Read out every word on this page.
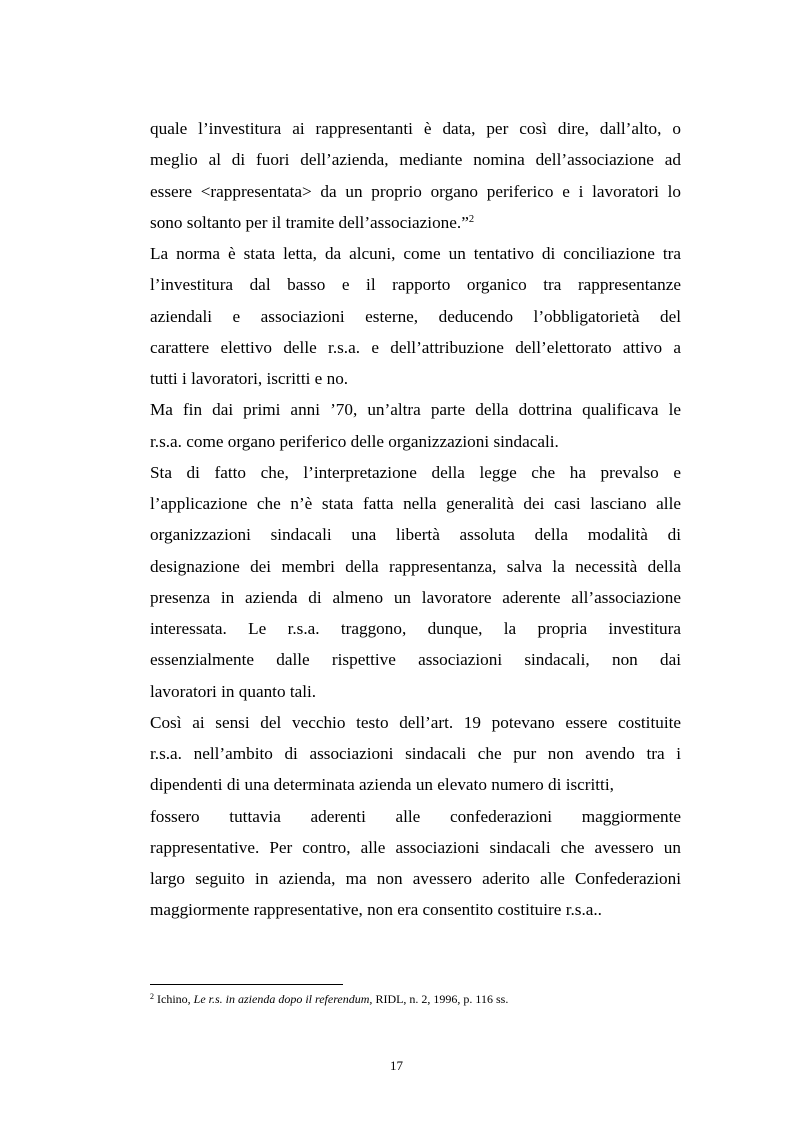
quale l’investitura ai rappresentanti è data, per così dire, dall’alto, o
meglio al di fuori dell’azienda, mediante nomina dell’associazione ad
essere <rappresentata> da un proprio organo periferico e i lavoratori lo
sono soltanto per il tramite dell’associazione.”$^2$

La norma è stata letta, da alcuni, come un tentativo di conciliazione tra
l’investitura dal basso e il rapporto organico tra rappresentanze
aziendali e associazioni esterne, deducendo l’obbligatorietà del
carattere elettivo delle r.s.a. e dell’attribuzione dell’elettorato attivo a
tutti i lavoratori, iscritti e no.

Ma fin dai primi anni ’70, un’altra parte della dottrina qualificava le
r.s.a. come organo periferico delle organizzazioni sindacali.

Sta di fatto che, l’interpretazione della legge che ha prevalso e
l’applicazione che n’è stata fatta nella generalità dei casi lasciano alle
organizzazioni sindacali una libertà assoluta della modalità di
designazione dei membri della rappresentanza, salva la necessità della
presenza in azienda di almeno un lavoratore aderente all’associazione
interessata. Le r.s.a. traggono, dunque, la propria investitura
essenzialmente dalle rispettive associazioni sindacali, non dai
lavoratori in quanto tali.

Così ai sensi del vecchio testo dell’art. 19 potevano essere costituite
r.s.a. nell’ambito di associazioni sindacali che pur non avendo tra i
dipendenti di una determinata azienda un elevato numero di iscritti,

fossero tuttavia aderenti alle confederazioni maggiormente
rappresentative. Per contro, alle associazioni sindacali che avessero un
largo seguito in azienda, ma non avessero aderito alle Confederazioni
maggiormente rappresentative, non era consentito costituire r.s.a..

$^2$ Ichino, Le r.s. in azienda dopo il referendum, RIDL, n. 2, 1996, p. 116 ss.
17
